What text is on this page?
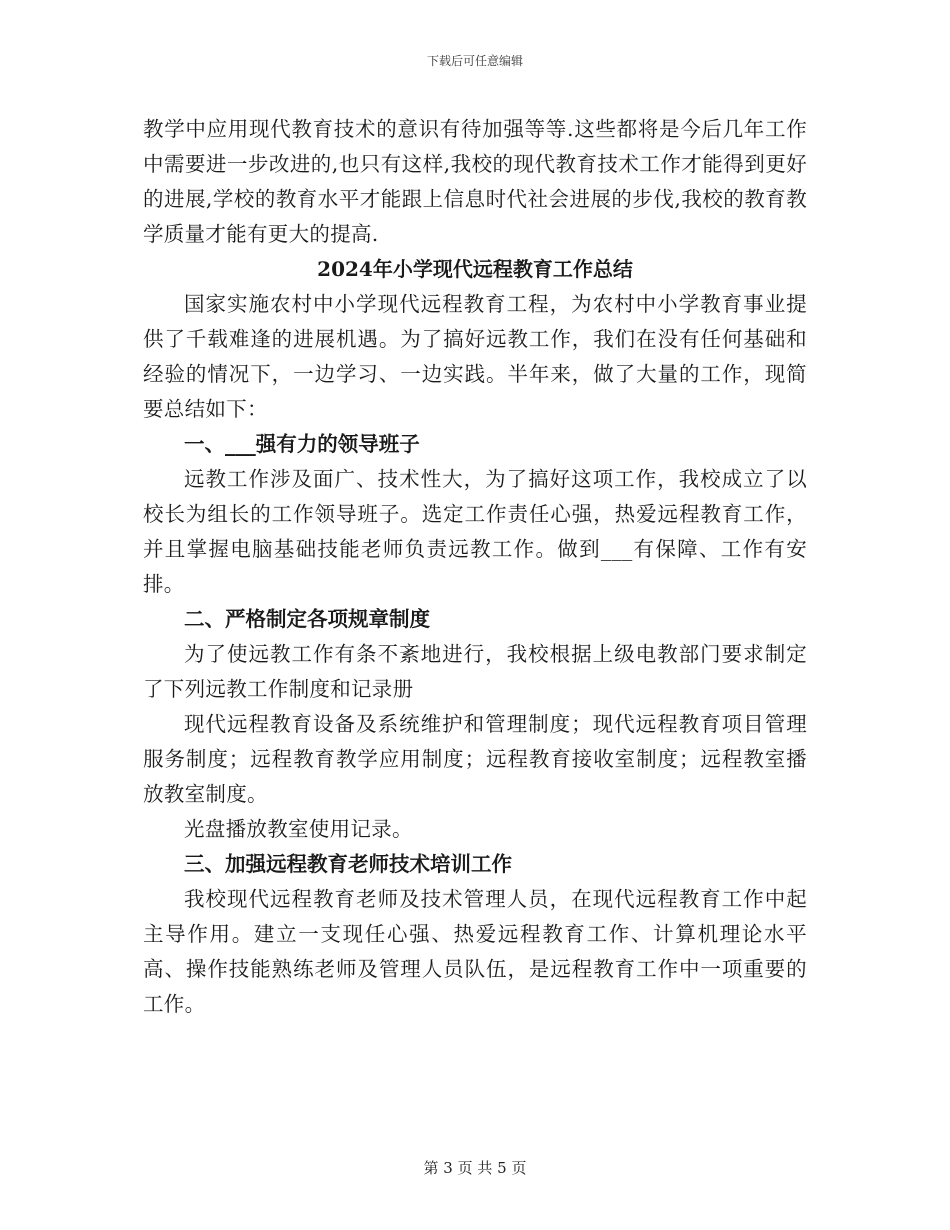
下载后可任意编辑

教学中应用现代教育技术的意识有待加强等等.这些都将是今后几年工作中需要进一步改进的,也只有这样,我校的现代教育技术工作才能得到更好的进展,学校的教育水平才能跟上信息时代社会进展的步伐,我校的教育教学质量才能有更大的提高.

2024年小学现代远程教育工作总结

国家实施农村中小学现代远程教育工程，为农村中小学教育事业提供了千载难逢的进展机遇。为了搞好远教工作，我们在没有任何基础和经验的情况下，一边学习、一边实践。半年来，做了大量的工作，现简要总结如下：

一、___强有力的领导班子

远教工作涉及面广、技术性大，为了搞好这项工作，我校成立了以校长为组长的工作领导班子。选定工作责任心强，热爱远程教育工作，并且掌握电脑基础技能老师负责远教工作。做到___有保障、工作有安排。

二、严格制定各项规章制度

为了使远教工作有条不紊地进行，我校根据上级电教部门要求制定了下列远教工作制度和记录册

现代远程教育设备及系统维护和管理制度；现代远程教育项目管理服务制度；远程教育教学应用制度；远程教育接收室制度；远程教室播放教室制度。

光盘播放教室使用记录。

三、加强远程教育老师技术培训工作

我校现代远程教育老师及技术管理人员，在现代远程教育工作中起主导作用。建立一支现任心强、热爱远程教育工作、计算机理论水平高、操作技能熟练老师及管理人员队伍，是远程教育工作中一项重要的工作。

第 3 页 共 5 页
